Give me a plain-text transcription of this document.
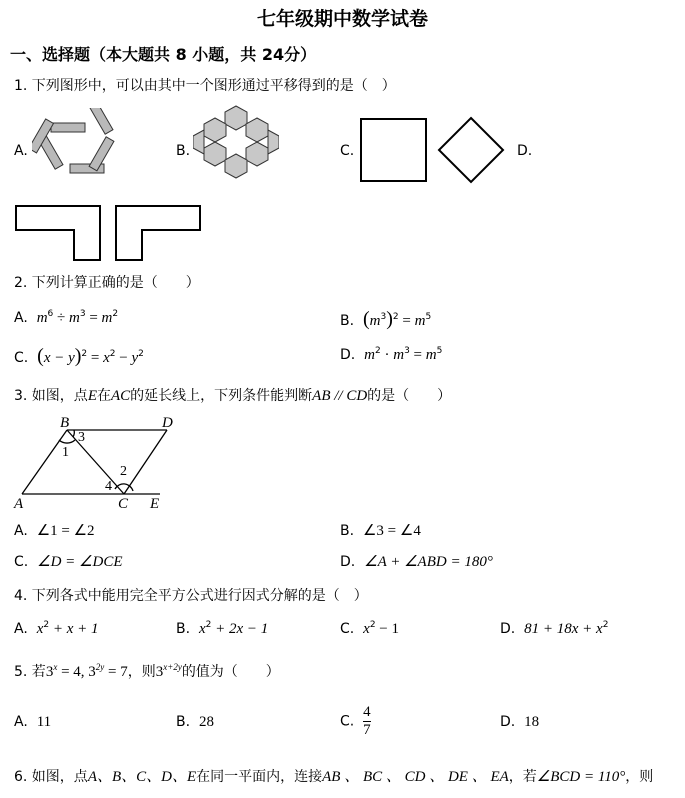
七年级期中数学试卷
一、选择题（本大题共 8 小题，共 24分）
1. 下列图形中，可以由其中一个图形通过平移得到的是（　）
A.	B.	C.	D.
2. 下列计算正确的是（　　）
A. $m^6 \div m^3 = m^2$	B. $(m^3)^2 = m^5$
C. $(x - y)^2 = x^2 - y^2$	D. $m^2 \cdot m^3 = m^5$
3. 如图，点E在AC的延长线上，下列条件能判断AB // CD的是（　　）
B	D
A	C E
1
3
2
4
A. ∠1 = ∠2	B. ∠3 = ∠4
C. ∠D = ∠DCE	D. ∠A + ∠ABD = 180°
4. 下列各式中能用完全平方公式进行因式分解的是（　）
A. $x^2 + x + 1$	B. $x^2 + 2x - 1$	C. $x^2 - 1$	D. $81 + 18x + x^2$
5. 若$3^x = 4$, $3^{2y} = 7$，则$3^{x+2y}$的值为（　　）
A. 11	B. 28	C. $\frac{4}{7}$	D. 18
6. 如图，点A、B、C、D、E在同一平面内，连接AB 、 BC 、 CD 、 DE 、 EA，若∠BCD = 110°，则
